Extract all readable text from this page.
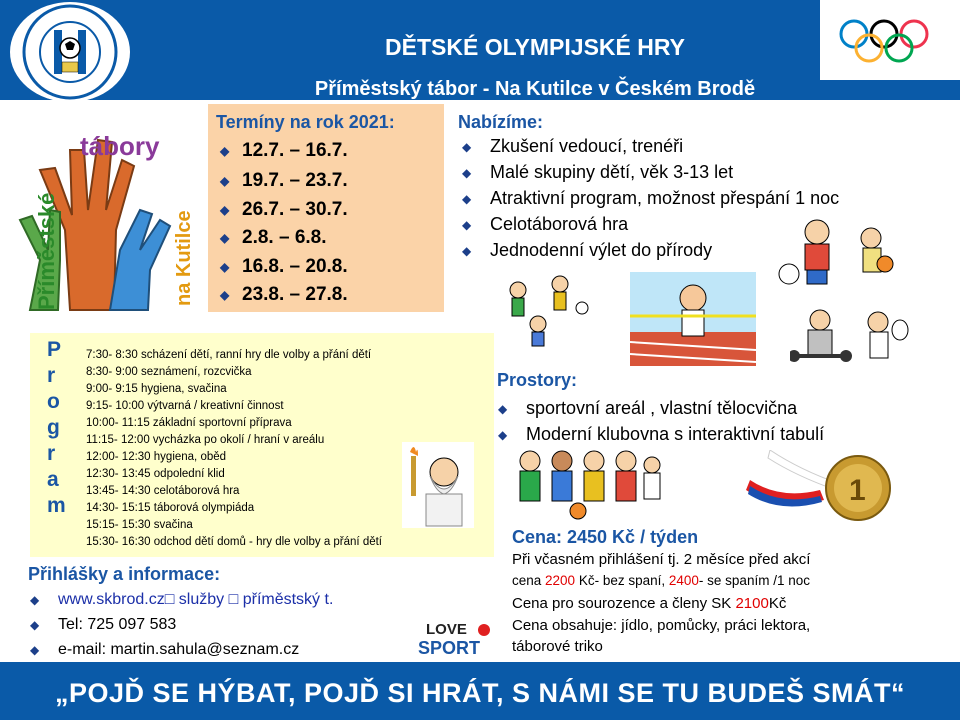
DĚTSKÉ OLYMPIJSKÉ HRY
Příměstský tábor - Na Kutilce v Českém Brodě
tábory
Příměstské	na Kutilce
Termíny na rok 2021:
◆ 12.7. – 16.7.
◆ 19.7. – 23.7.
◆ 26.7. – 30.7.
◆ 2.8. – 6.8.
◆ 16.8. – 20.8.
◆ 23.8. – 27.8.
Nabízíme:
◆ Zkušení vedoucí, trenéři
◆ Malé skupiny dětí, věk 3-13 let
◆ Atraktivní program, možnost přespání 1 noc
◆ Celotáborová hra
◆ Jednodenní výlet do přírody
P
r
o
g
r
a
m
7:30- 8:30 scházení dětí, ranní hry dle volby a přání dětí
8:30- 9:00 seznámení, rozcvička
9:00- 9:15 hygiena, svačina
9:15- 10:00 výtvarná / kreativní činnost
10:00- 11:15 základní sportovní příprava
11:15- 12:00 vycházka po okolí / hraní v areálu
12:00- 12:30 hygiena, oběd
12:30- 13:45 odpolední klid
13:45- 14:30 celotáborová hra
14:30- 15:15 táborová olympiáda
15:15- 15:30 svačina
15:30- 16:30 odchod dětí domů - hry dle volby a přání dětí
Prostory:
◆ sportovní areál , vlastní tělocvična
◆ Moderní klubovna s interaktivní tabulí
1
Cena: 2450 Kč / týden
Při včasném přihlášení tj. 2 měsíce před akcí
cena 2200 Kč- bez spaní, 2400- se spaním /1 noc
Cena pro sourozence a členy SK 2100Kč
Cena obsahuje: jídlo, pomůcky, práci lektora,
táborové triko
Přihlášky a informace:
◆ www.skbrod.cz□ služby □ příměstský t.
◆ Tel: 725 097 583
◆ e-mail: martin.sahula@seznam.cz
LOVE
SPORT
„POJĎ SE HÝBAT, POJĎ SI HRÁT, S NÁMI SE TU BUDEŠ SMÁT“
